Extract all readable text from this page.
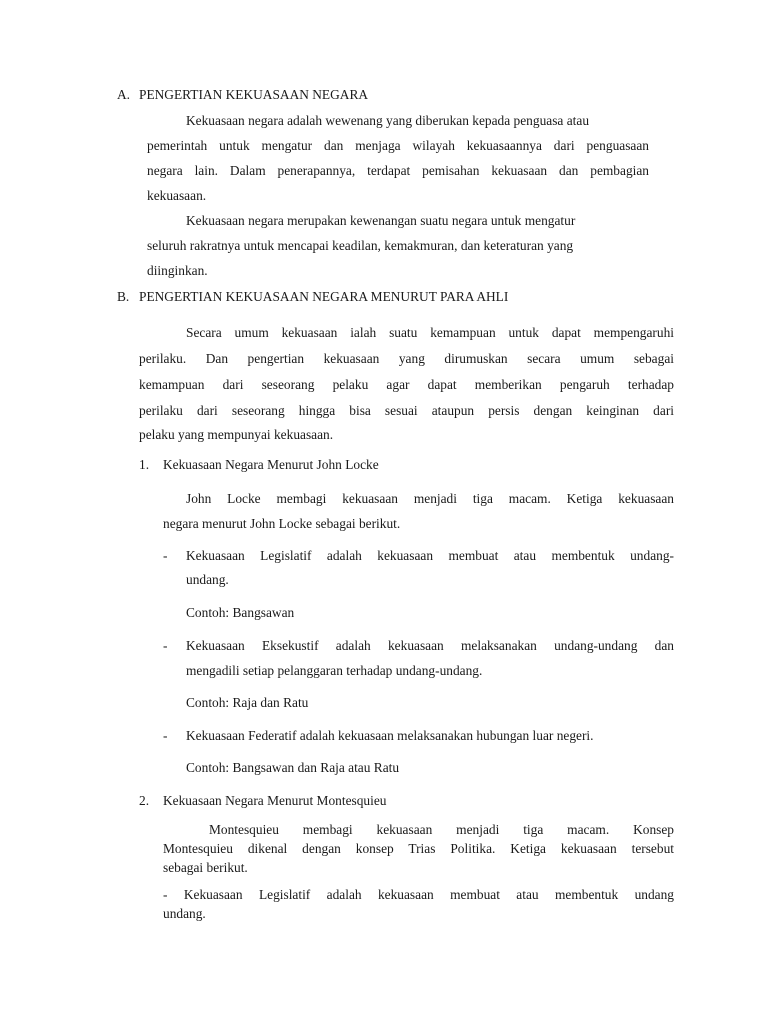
A. PENGERTIAN KEKUASAAN NEGARA
Kekuasaan negara adalah wewenang yang diberukan kepada penguasa atau
pemerintah untuk mengatur dan menjaga wilayah kekuasaannya dari penguasaan
negara lain. Dalam penerapannya, terdapat pemisahan kekuasaan dan pembagian
kekuasaan.
Kekuasaan negara merupakan kewenangan suatu negara untuk mengatur
seluruh rakratnya untuk mencapai keadilan, kemakmuran, dan keteraturan yang
diinginkan.
B. PENGERTIAN KEKUASAAN NEGARA MENURUT PARA AHLI
Secara umum kekuasaan ialah suatu kemampuan untuk dapat mempengaruhi
perilaku. Dan pengertian kekuasaan yang dirumuskan secara umum sebagai
kemampuan dari seseorang pelaku agar dapat memberikan pengaruh terhadap
perilaku dari seseorang hingga bisa sesuai ataupun persis dengan keinginan dari
pelaku yang mempunyai kekuasaan.
1. Kekuasaan Negara Menurut John Locke
John Locke membagi kekuasaan menjadi tiga macam. Ketiga kekuasaan
negara menurut John Locke sebagai berikut.
- Kekuasaan Legislatif adalah kekuasaan membuat atau membentuk undang-
undang.
Contoh: Bangsawan
- Kekuasaan Eksekustif adalah kekuasaan melaksanakan undang-undang dan
mengadili setiap pelanggaran terhadap undang-undang.
Contoh: Raja dan Ratu
- Kekuasaan Federatif adalah kekuasaan melaksanakan hubungan luar negeri.
Contoh: Bangsawan dan Raja atau Ratu
2. Kekuasaan Negara Menurut Montesquieu
Montesquieu membagi kekuasaan menjadi tiga macam. Konsep
Montesquieu dikenal dengan konsep Trias Politika. Ketiga kekuasaan tersebut
sebagai berikut.
- Kekuasaan Legislatif adalah kekuasaan membuat atau membentuk undang
undang.
